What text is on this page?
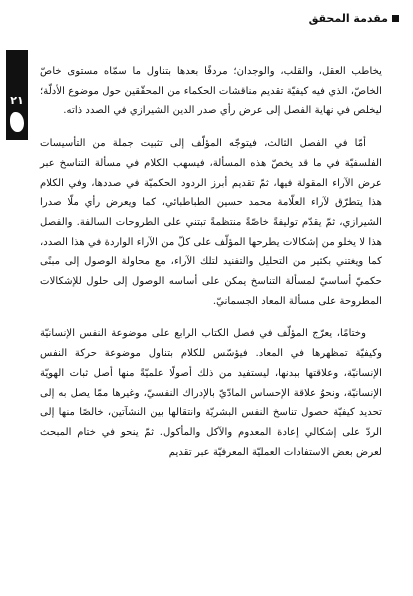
مقدمة المحقق
٢١

يخاطب العقل، والقلب، والوجدان؛ مردفًا بعدها بتناول ما سمّاه مستوى خاصّ الخاصّ، الذي فيه كيفيّة تقديم مناقشات الحكماء من المحقّقين حول موضوع الأدلّة؛ ليخلص في نهاية الفصل إلى عرض رأي صدر الدين الشيرازي في الصدد ذاته.

أمّا في الفصل الثالث، فيتوجّه المؤلّف إلى تثبيت جملة من التأسيسات الفلسفيّة في ما قد يخصّ هذه المسألة، فيسهب الكلام في مسألة التناسخ عبر عرض الآراء المقولة فيها، ثمّ تقديم أبرز الردود الحكميّة في صددها، وفي الكلام هذا يتطرّق لآراء العلّامة محمد حسين الطباطبائي، كما ويعرض رأي ملّا صدرا الشيرازي، ثمّ يقدّم توليفةً خاصّةً منتظمةً تبتني على الطروحات السالفة. والفصل هذا لا يخلو من إشكالات يطرحها المؤلّف على كلّ من الآراء الواردة في هذا الصدد، كما ويغتني بكثير من التحليل والتفنيد لتلك الآراء، مع محاولة الوصول إلى مبنًى حكميّ أساسيّ لمسألة التناسخ يمكن على أساسه الوصول إلى حلول للإشكالات المطروحة على مسألة المعاد الجسمانيّ.

وختامًا، يعرّج المؤلّف في فصل الكتاب الرابع على موضوعة النفس الإنسانيّة وكيفيّة تمظهرها في المعاد. فيؤسّس للكلام بتناول موضوعة حركة النفس الإنسانيّة، وعلاقتها ببدنها، ليستفيد من ذلك أصولًا علميّةً منها أصل ثبات الهويّة الإنسانيّة، ونحوُ علاقة الإحساس المادّيّ بالإدراك النفسيّ، وغيرها ممّا يصل به إلى تحديد كيفيّة حصول تناسخ النفس البشريّة وانتقالها بين النشآتين، خالصًا منها إلى الردّ على إشكالي إعادة المعدوم والآكل والمأكول. ثمّ ينحو في ختام المبحث لعرض بعض الاستفادات العمليّة المعرفيّة عبر تقديم
